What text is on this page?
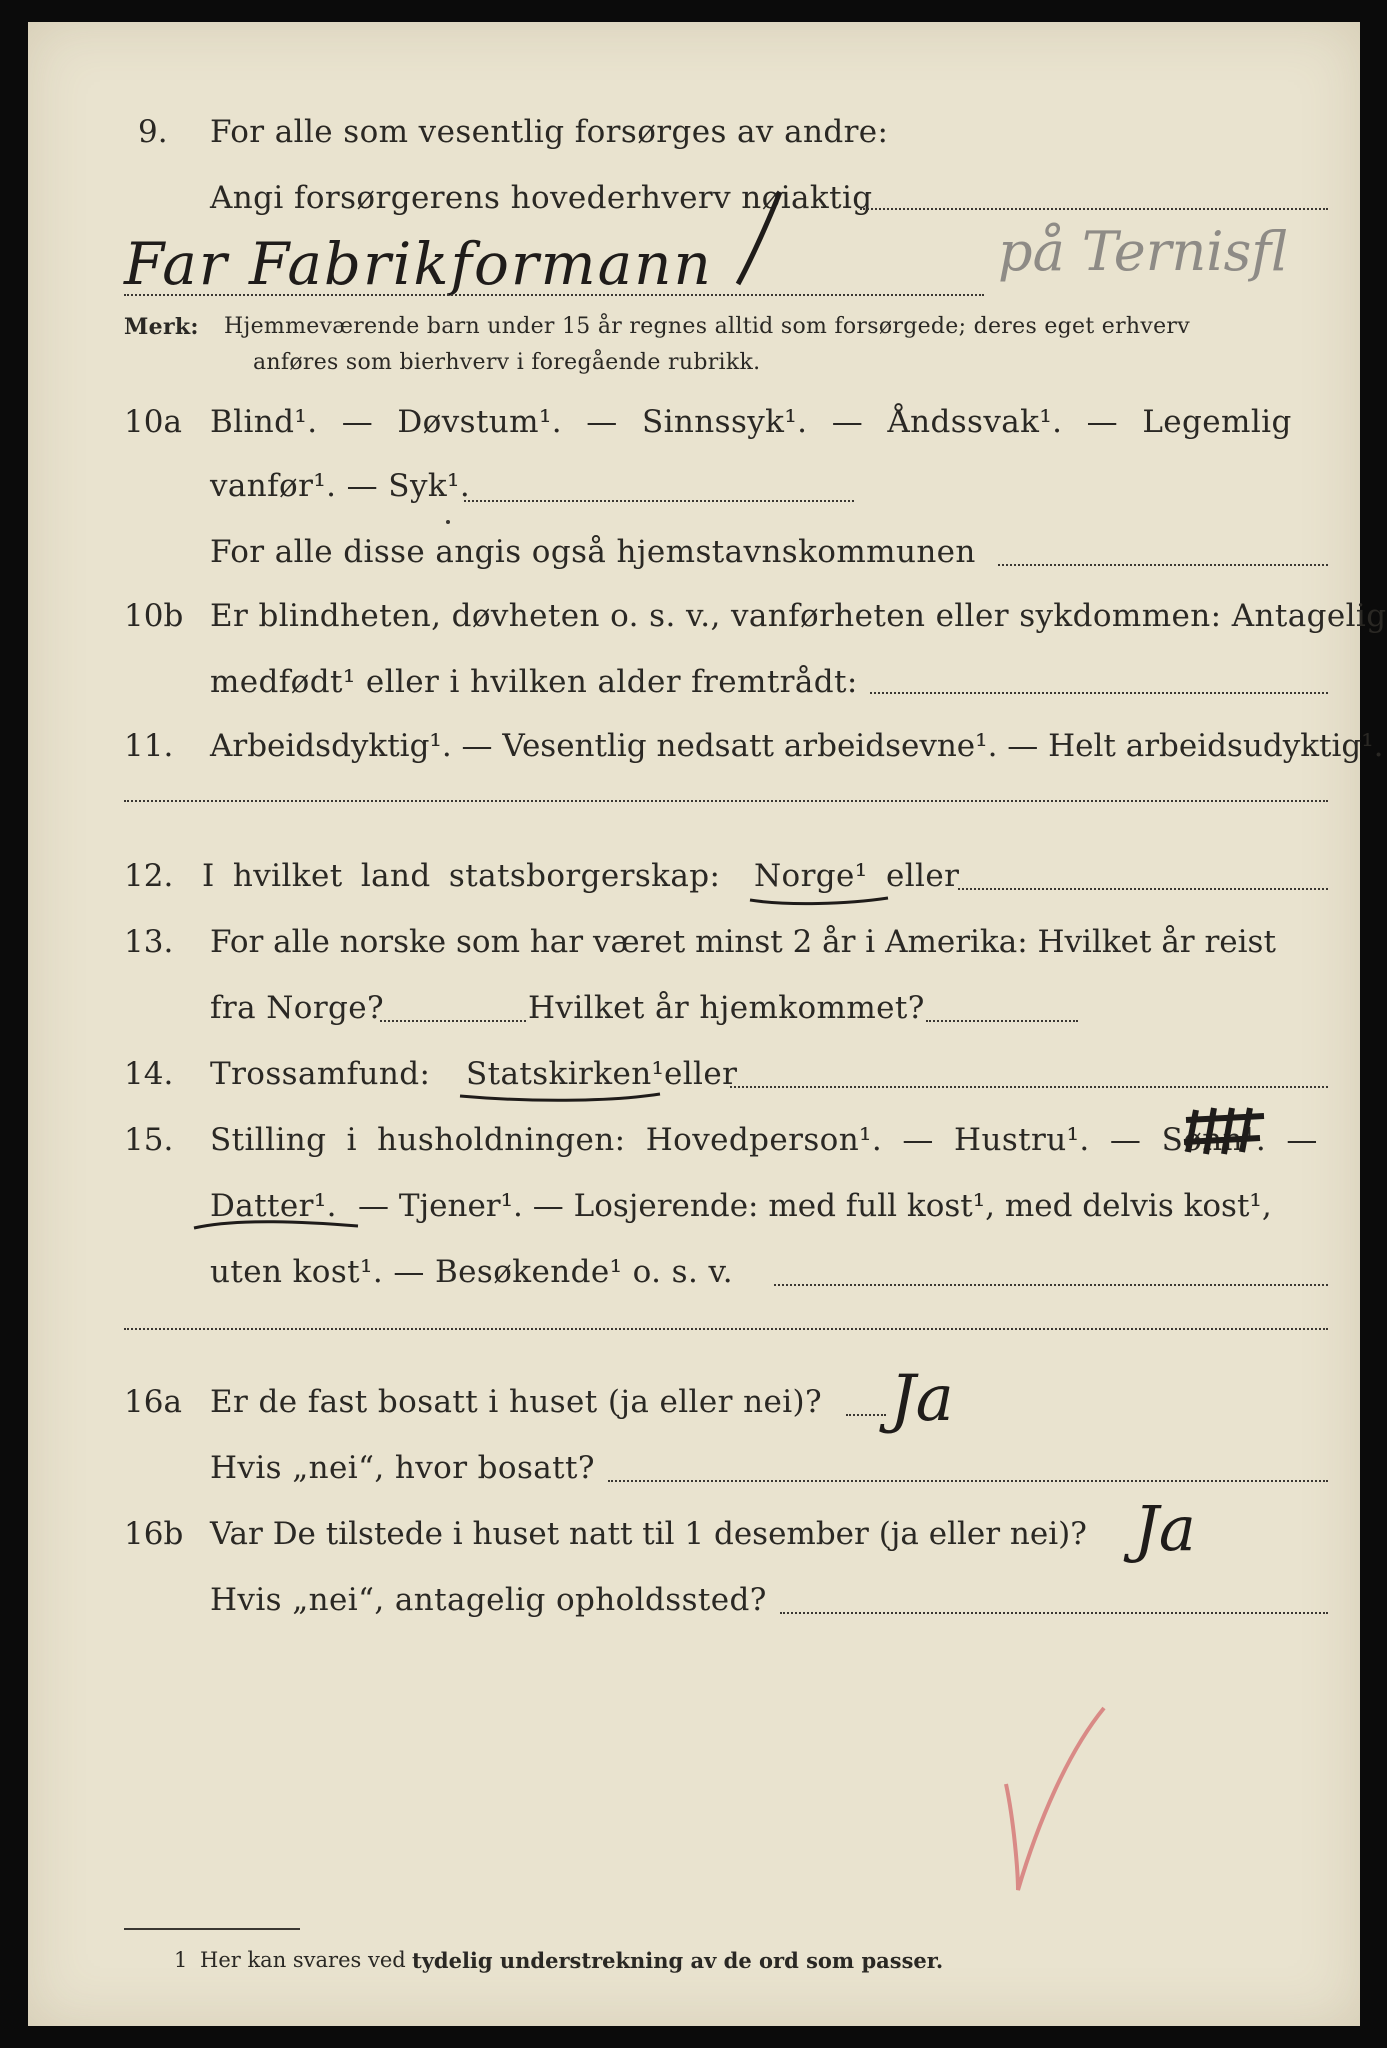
9. For alle som vesentlig forsørges av andre:
Angi forsørgerens hovederhverv nøiaktig
Far Fabrikformann	på Ternisfl
Merk: Hjemmeværende barn under 15 år regnes alltid som forsørgede; deres eget erhverv
anføres som bierhverv i foregående rubrikk.
10a Blind¹. — Døvstum¹. — Sinnssyk¹. — Åndssvak¹. — Legemlig
vanfør¹. — Syk¹.
For alle disse angis også hjemstavnskommunen
10b Er blindheten, døvheten o. s. v., vanførheten eller sykdommen: Antagelig
medfødt¹ eller i hvilken alder fremtrådt:
11. Arbeidsdyktig¹. — Vesentlig nedsatt arbeidsevne¹. — Helt arbeidsudyktig¹.
12. I hvilket land statsborgerskap: Norge¹ eller
13. For alle norske som har været minst 2 år i Amerika: Hvilket år reist
fra Norge?	Hvilket år hjemkommet?
14. Trossamfund: Statskirken¹ eller
15. Stilling i husholdningen: Hovedperson¹. — Hustru¹. — Sønn¹. —
Datter¹. — Tjener¹. — Losjerende: med full kost¹, med delvis kost¹,
uten kost¹. — Besøkende¹ o. s. v.
16a Er de fast bosatt i huset (ja eller nei)? Ja
Hvis „nei“, hvor bosatt?
16b Var De tilstede i huset natt til 1 desember (ja eller nei)? Ja
Hvis „nei“, antagelig opholdssted?
1 Her kan svares ved tydelig understrekning av de ord som passer.
